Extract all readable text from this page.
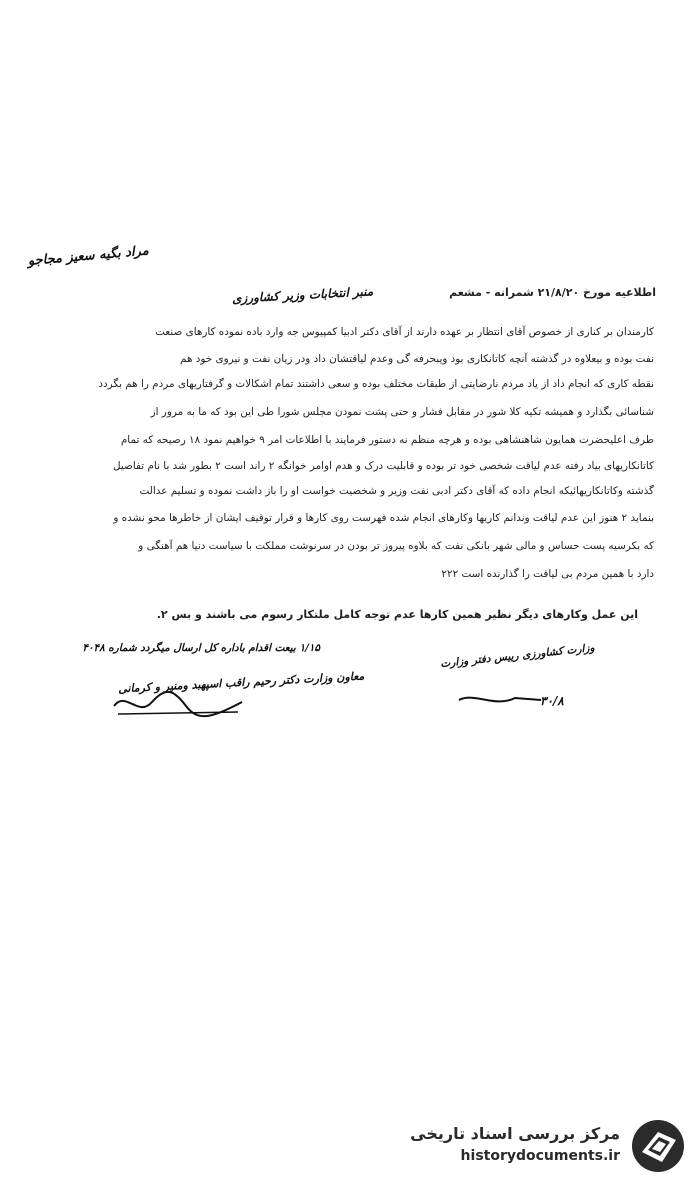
مراد بگیه سعیز مجاجو
اطلاعیه مورخ ۲۱/۸/۲۰ شمرانه - مشعم
منبر انتخابات وزیر کشاورزی
کارمندان بر کناری از خصوص آقای انتظار بر عهده دارند از آقای دکتر ادبیا کمپیوس جه وارد باده نموده کارهای صنعت
نفت بوده و بیعلاوه در گذشته آنچه کاتانکاری بود ویبحرفه گی وعدم لیاقتشان داد ودر زیان نفت و نیروی خود هم
نقطه کاری که انجام داد از یاد مردم نارضایتی از طبقات مختلف بوده و سعی داشتند تمام اشکالات و گرفتاریهای مردم را هم بگردد
شناسائی بگذارد و همیشه تکیه کلا شور در مقابل فشار و حتی پشت نمودن مجلس شورا طی این بود که ما به مرور از
طرف اعلیحضرت همایون شاهنشاهی بوده و هرچه منظم نه دستور فرمایند با اطلاعات امر ۹ خواهیم نمود ۱۸ رصیحه که تمام
کاتانکاریهای بیاد رفته عدم لیاقت شخصی خود تر بوده و قابلیت درک و هدم اوامر خوانگه ۲ راند است ۲ بطور شد با نام تفاصیل
گذشته وکاتانکاریهائیکه انجام داده که آقای دکتر ادبی نفت وزیر و شخصیت خواست او را باز داشت نموده و تسلیم عدالت
بنماید ۲ هنوز این عدم لیاقت وندانم کاریها وکارهای انجام شده فهرست روی کارها و قرار توقیف ایشان از خاطرها محو نشده و
که بکرسیه پست حساس و مالی شهر بانکی نفت که بلاوه پیروز تر بودن در سرنوشت مملکت با سیاست دنیا هم آهنگی و
دارد با همین مردم بی لیاقت را گذارنده است ۲۲۲
این عمل وکارهای دیگر نظیر همین کارها عدم توجه کامل ملتکار رسوم می باشند و بس ۲.
۱/۱۵ بیعت اقدام باداره کل ارسال میگردد شماره ۴۰۴۸	وزارت کشاورزی رییس دفتر وزارت
معاون وزارت دکتر رحیم راقب اسپهبد ومنیر و کرمانی
۳۰/۸
مرکز بررسی اسناد تاریخی
historydocuments.ir
